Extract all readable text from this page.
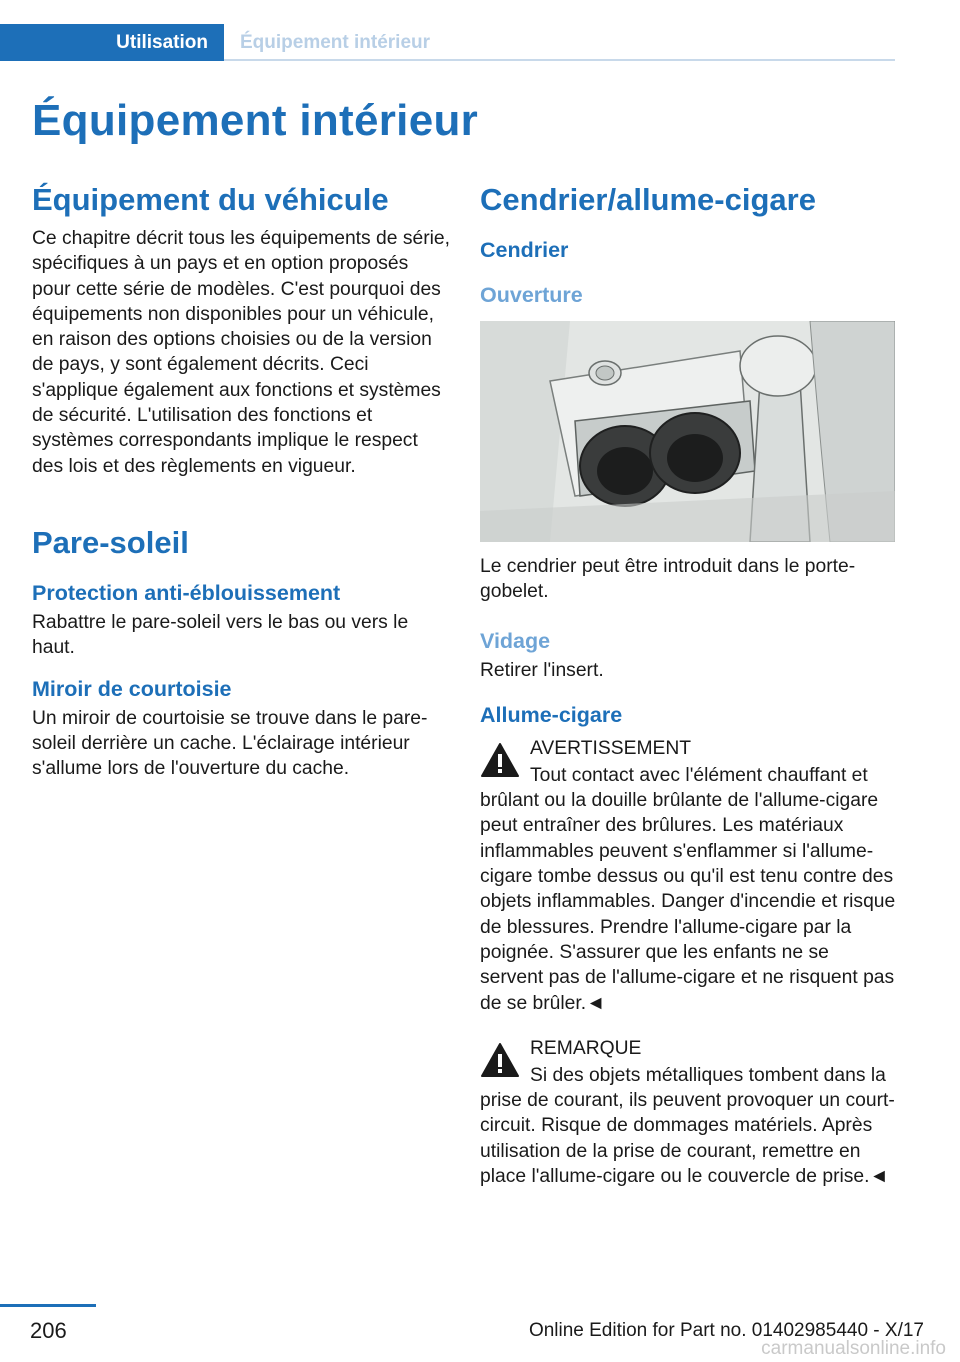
Utilisation	Équipement intérieur
Équipement intérieur
Équipement du véhicule

Ce chapitre décrit tous les équipements de série, spécifiques à un pays et en option proposés pour cette série de modèles. C'est pourquoi des équipements non disponibles pour un véhicule, en raison des options choisies ou de la version de pays, y sont également décrits. Ceci s'applique également aux fonctions et systèmes de sécurité. L'utilisation des fonctions et systèmes correspondants implique le respect des lois et des règlements en vigueur.

Pare-soleil
Protection anti-éblouissement

Rabattre le pare-soleil vers le bas ou vers le haut.

Miroir de courtoisie

Un miroir de courtoisie se trouve dans le pare-soleil derrière un cache. L'éclairage intérieur s'allume lors de l'ouverture du cache.

Cendrier/allume-cigare
Cendrier
Ouverture

Le cendrier peut être introduit dans le porte-gobelet.

Vidage

Retirer l'insert.

Allume-cigare
AVERTISSEMENT

Tout contact avec l'élément chauffant et brûlant ou la douille brûlante de l'allume-cigare peut entraîner des brûlures. Les matériaux inflammables peuvent s'enflammer si l'allume-cigare tombe dessus ou qu'il est tenu contre des objets inflammables. Danger d'incendie et risque de blessures. Prendre l'allume-cigare par la poignée. S'assurer que les enfants ne se servent pas de l'allume-cigare et ne risquent pas de se brûler.◄

REMARQUE

Si des objets métalliques tombent dans la prise de courant, ils peuvent provoquer un court-circuit. Risque de dommages matériels. Après utilisation de la prise de courant, remettre en place l'allume-cigare ou le couvercle de prise.◄

206	Online Edition for Part no. 01402985440 - X/17
carmanualsonline.info
